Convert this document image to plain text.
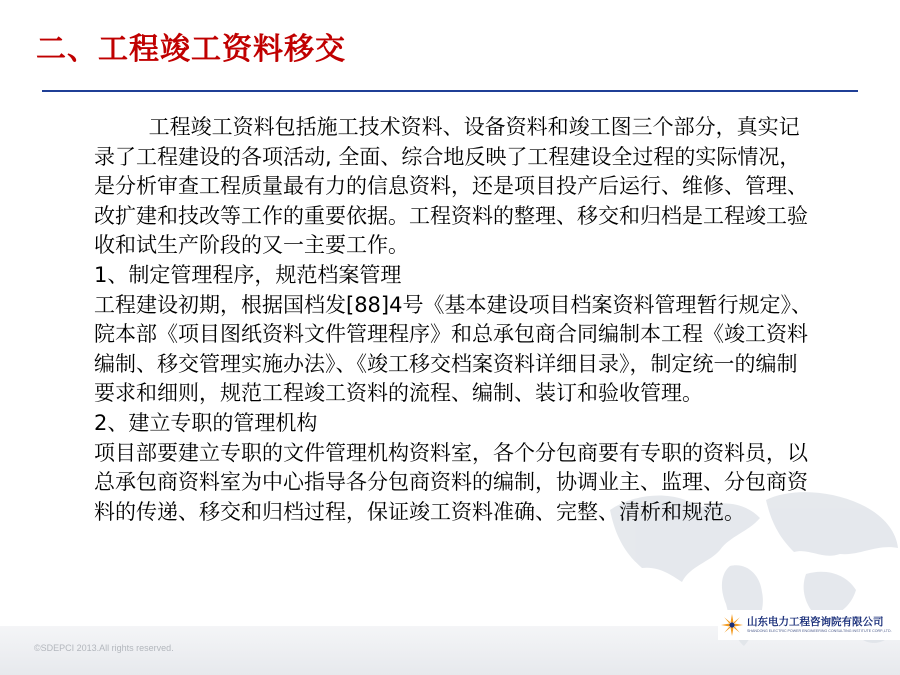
二、工程竣工资料移交

工程竣工资料包括施工技术资料、设备资料和竣工图三个部分，真实记录了工程建设的各项活动, 全面、综合地反映了工程建设全过程的实际情况，是分析审查工程质量最有力的信息资料，还是项目投产后运行、维修、管理、改扩建和技改等工作的重要依据。工程资料的整理、移交和归档是工程竣工验收和试生产阶段的又一主要工作。

1、制定管理程序，规范档案管理

工程建设初期，根据国档发[88]4号《基本建设项目档案资料管理暂行规定》、院本部《项目图纸资料文件管理程序》和总承包商合同编制本工程《竣工资料编制、移交管理实施办法》、《竣工移交档案资料详细目录》，制定统一的编制要求和细则，规范工程竣工资料的流程、编制、装订和验收管理。

2、建立专职的管理机构

项目部要建立专职的文件管理机构资料室，各个分包商要有专职的资料员，以总承包商资料室为中心指导各分包商资料的编制，协调业主、监理、分包商资料的传递、移交和归档过程，保证竣工资料准确、完整、清析和规范。

©SDEPCI 2013.All rights reserved.
山东电力工程咨询院有限公司
SHANDONG ELECTRIC POWER ENGINEERING CONSULTING INSTITUTE CORP.,LTD.
